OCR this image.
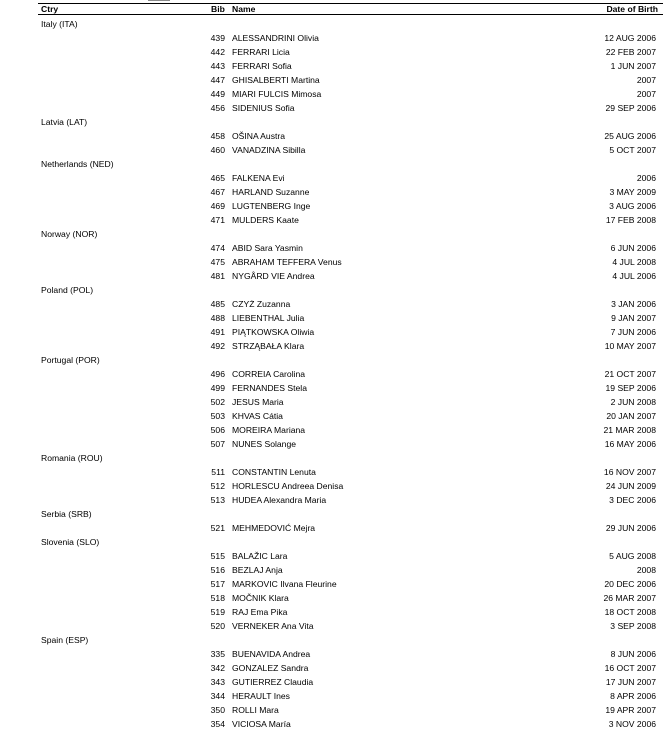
Ctry	Bib Name	Date of Birth
Italy (ITA)
439 ALESSANDRINI Olivia	12 AUG 2006
442 FERRARI Licia	22 FEB 2007
443 FERRARI Sofia	1 JUN 2007
447 GHISALBERTI Martina	2007
449 MIARI FULCIS Mimosa	2007
456 SIDENIUS Sofia	29 SEP 2006
Latvia (LAT)
458 OŠINA Austra	25 AUG 2006
460 VANADZINA Sibilla	5 OCT 2007
Netherlands (NED)
465 FALKENA Evi	2006
467 HARLAND Suzanne	3 MAY 2009
469 LUGTENBERG Inge	3 AUG 2006
471 MULDERS Kaate	17 FEB 2008
Norway (NOR)
474 ABID Sara Yasmin	6 JUN 2006
475 ABRAHAM TEFFERA Venus	4 JUL 2008
481 NYGÅRD VIE Andrea	4 JUL 2006
Poland (POL)
485 CZYŻ Zuzanna	3 JAN 2006
488 LIEBENTHAL Julia	9 JAN 2007
491 PIĄTKOWSKA Oliwia	7 JUN 2006
492 STRZĄBAŁA Klara	10 MAY 2007
Portugal (POR)
496 CORREIA Carolina	21 OCT 2007
499 FERNANDES Stela	19 SEP 2006
502 JESUS Maria	2 JUN 2008
503 KHVAS Cátia	20 JAN 2007
506 MOREIRA Mariana	21 MAR 2008
507 NUNES Solange	16 MAY 2006
Romania (ROU)
511 CONSTANTIN Lenuta	16 NOV 2007
512 HORLESCU Andreea Denisa	24 JUN 2009
513 HUDEA Alexandra Maria	3 DEC 2006
Serbia (SRB)
521 MEHMEDOVIĆ Mejra	29 JUN 2006
Slovenia (SLO)
515 BALAŽIC Lara	5 AUG 2008
516 BEZLAJ Anja	2008
517 MARKOVIC Ilvana Fleurine	20 DEC 2006
518 MOČNIK Klara	26 MAR 2007
519 RAJ Ema Pika	18 OCT 2008
520 VERNEKER Ana Vita	3 SEP 2008
Spain (ESP)
335 BUENAVIDA Andrea	8 JUN 2006
342 GONZALEZ Sandra	16 OCT 2007
343 GUTIERREZ Claudia	17 JUN 2007
344 HERAULT Ines	8 APR 2006
350 ROLLI Mara	19 APR 2007
354 VICIOSA María	3 NOV 2006
